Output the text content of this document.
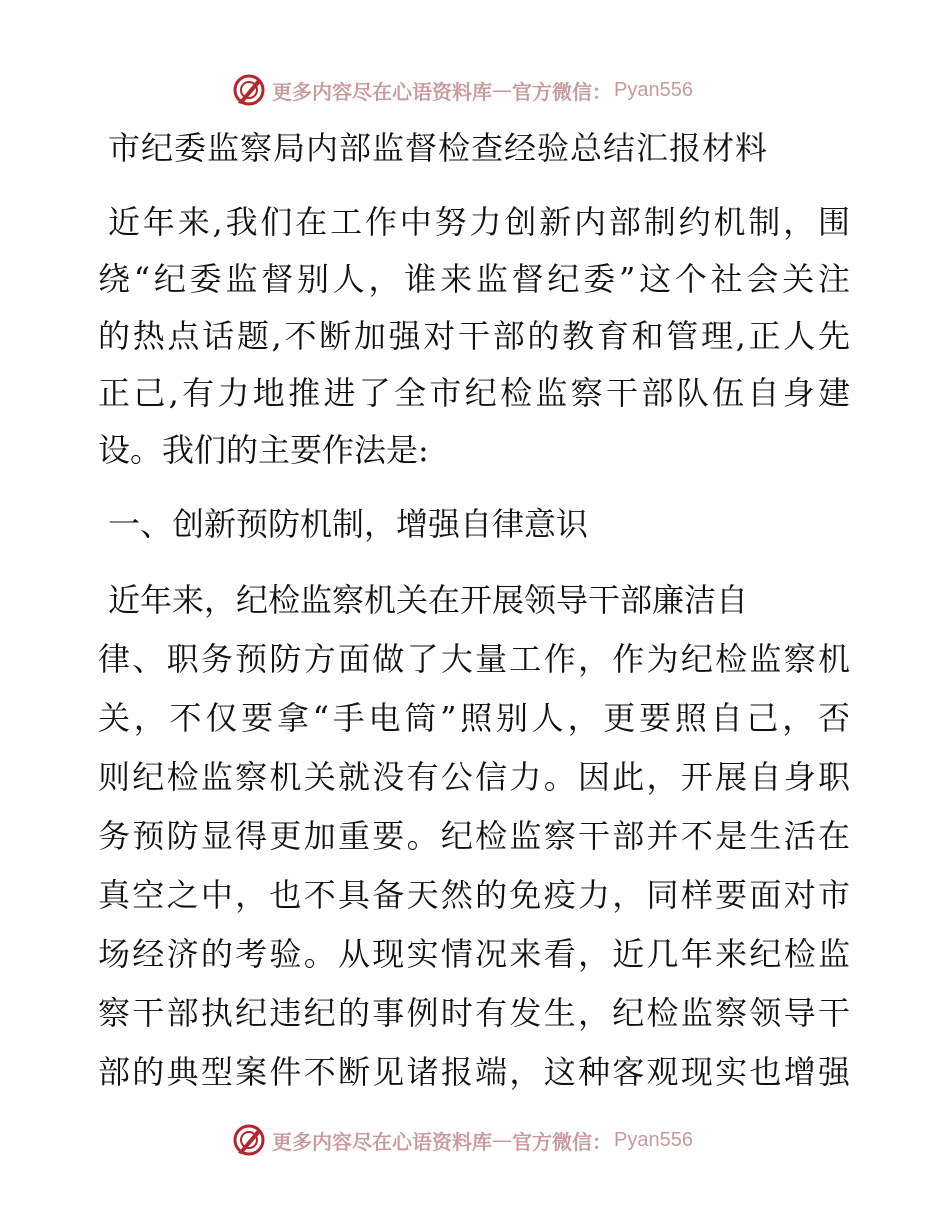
更多内容尽在心语资料库 — 官方微信： Pyan556
市纪委监察局内部监督检查经验总结汇报材料
近年来,我们在工作中努力创新内部制约机制，围
绕“纪委监督别人，谁来监督纪委”这个社会关注
的热点话题,不断加强对干部的教育和管理,正人先
正己,有力地推进了全市纪检监察干部队伍自身建
设。我们的主要作法是:
一、创新预防机制，增强自律意识
近年来，纪检监察机关在开展领导干部廉洁自
律、职务预防方面做了大量工作，作为纪检监察机
关，不仅要拿“手电筒”照别人，更要照自己，否
则纪检监察机关就没有公信力。因此，开展自身职
务预防显得更加重要。纪检监察干部并不是生活在
真空之中，也不具备天然的免疫力，同样要面对市
场经济的考验。从现实情况来看，近几年来纪检监
察干部执纪违纪的事例时有发生，纪检监察领导干
部的典型案件不断见诸报端，这种客观现实也增强
更多内容尽在心语资料库 — 官方微信： Pyan556
